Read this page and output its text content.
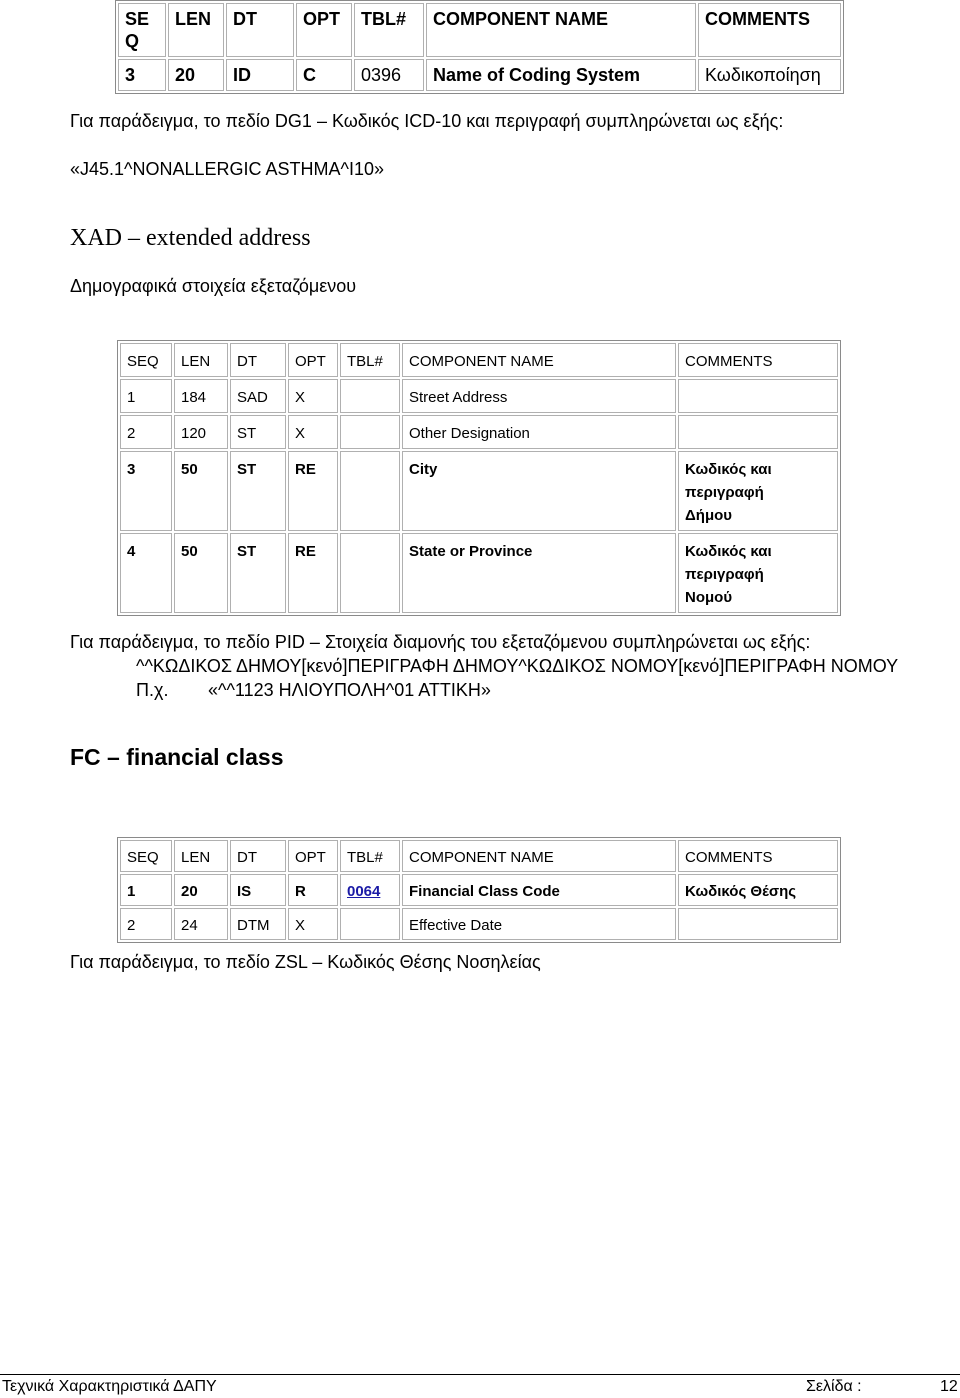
SE
Q	LEN	DT	OPT	TBL#	COMPONENT NAME	COMMENTS
3	20	ID	C	0396	Name of Coding System	Κωδικοποίηση
Για παράδειγμα, το πεδίο DG1 – Κωδικός ICD-10 και περιγραφή συμπληρώνεται ως εξής:
«J45.1^NONALLERGIC ASTHMA^I10»
XAD – extended address
Δημογραφικά στοιχεία εξεταζόμενου
SEQ	LEN	DT	OPT	TBL#	COMPONENT NAME	COMMENTS
1	184	SAD	X		Street Address	
2	120	ST	X		Other Designation	
3	50	ST	RE		City	Κωδικός και
περιγραφή
Δήμου
4	50	ST	RE		State or Province	Κωδικός και
περιγραφή
Νομού
Για παράδειγμα, το πεδίο PID – Στοιχεία διαμονής του εξεταζόμενου συμπληρώνεται ως εξής:
^^ΚΩΔΙΚΟΣ ΔΗΜΟΥ[κενό]ΠΕΡΙΓΡΑΦΗ ΔΗΜΟΥ^ΚΩΔΙΚΟΣ ΝΟΜΟΥ[κενό]ΠΕΡΙΓΡΑΦΗ ΝΟΜΟΥ
Π.χ. «^^1123 ΗΛΙΟΥΠΟΛΗ^01 ΑΤΤΙΚΗ»
FC – financial class
SEQ	LEN	DT	OPT	TBL#	COMPONENT NAME	COMMENTS
1	20	IS	R	0064	Financial Class Code	Κωδικός Θέσης
2	24	DTM	X		Effective Date	
Για παράδειγμα, το πεδίο ZSL – Κωδικός Θέσης Νοσηλείας
Τεχνικά Χαρακτηριστικά ΔΑΠΥ	Σελίδα :	12
